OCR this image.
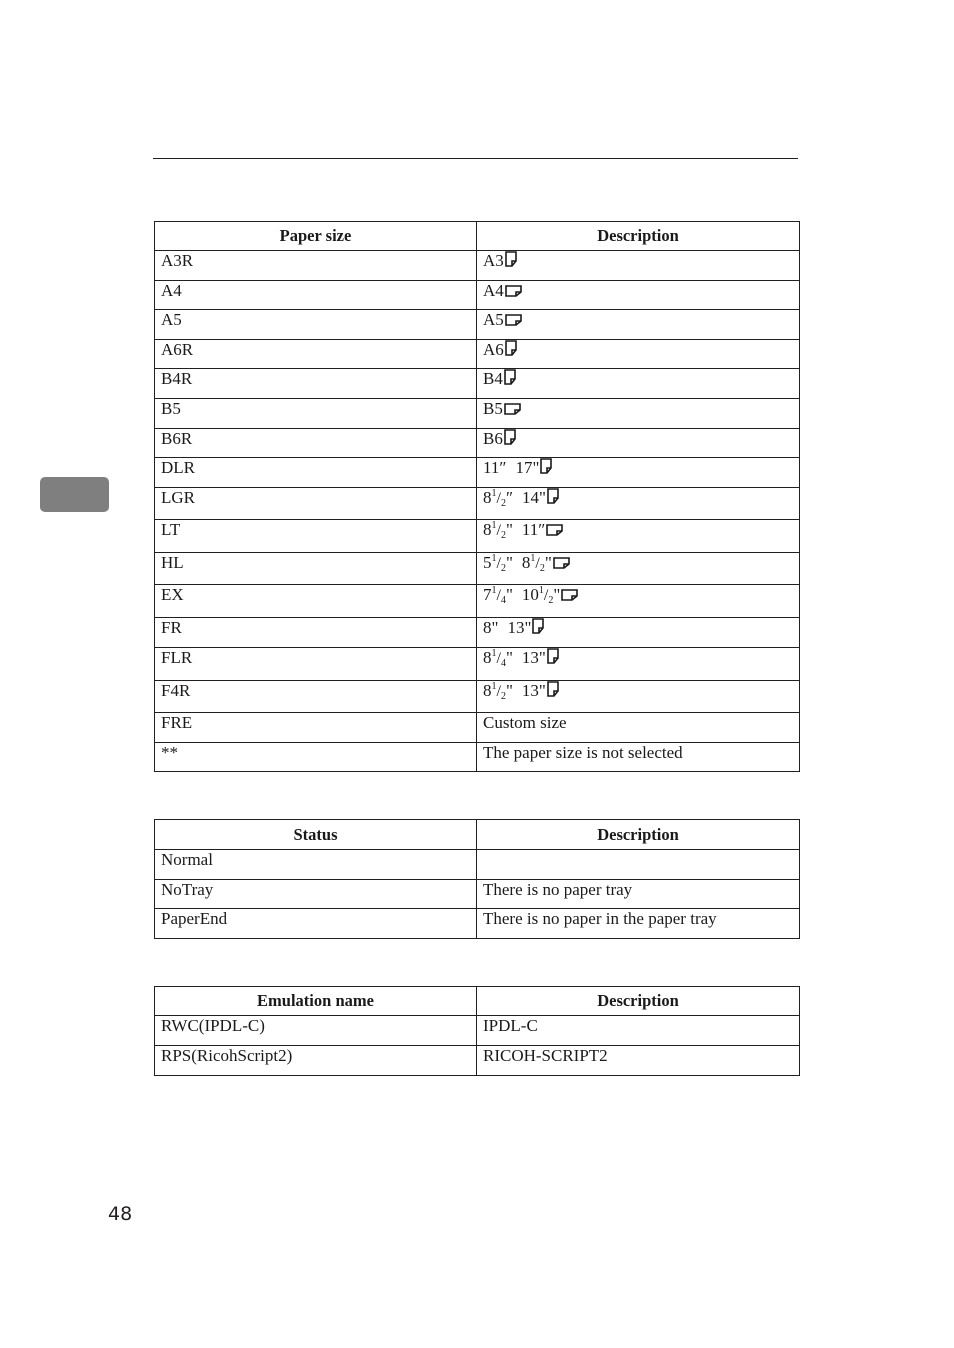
Paper size	Description
A3R	A3

A4	A4

A5	A5

A6R	A6

B4R	B4

B5	B5

B6R	B6

DLR	11″ 17"

LGR	$8^1/2''$ 14"

LT	$8^1/2$" 11″

HL	$5^1/2$" $8^1/2$"

EX	$7^1/4$" $10^1/2$"

FR	8" 13"

FLR	$8^1/4$" 13"

F4R	$8^1/2$" 13"

FRE	Custom size
**	The paper size is not selected
Status	Description
Normal	
NoTray	There is no paper tray
PaperEnd	There is no paper in the paper tray
Emulation name	Description
RWC(IPDL-C)	IPDL-C
RPS(RicohScript2)	RICOH-SCRIPT2
48
